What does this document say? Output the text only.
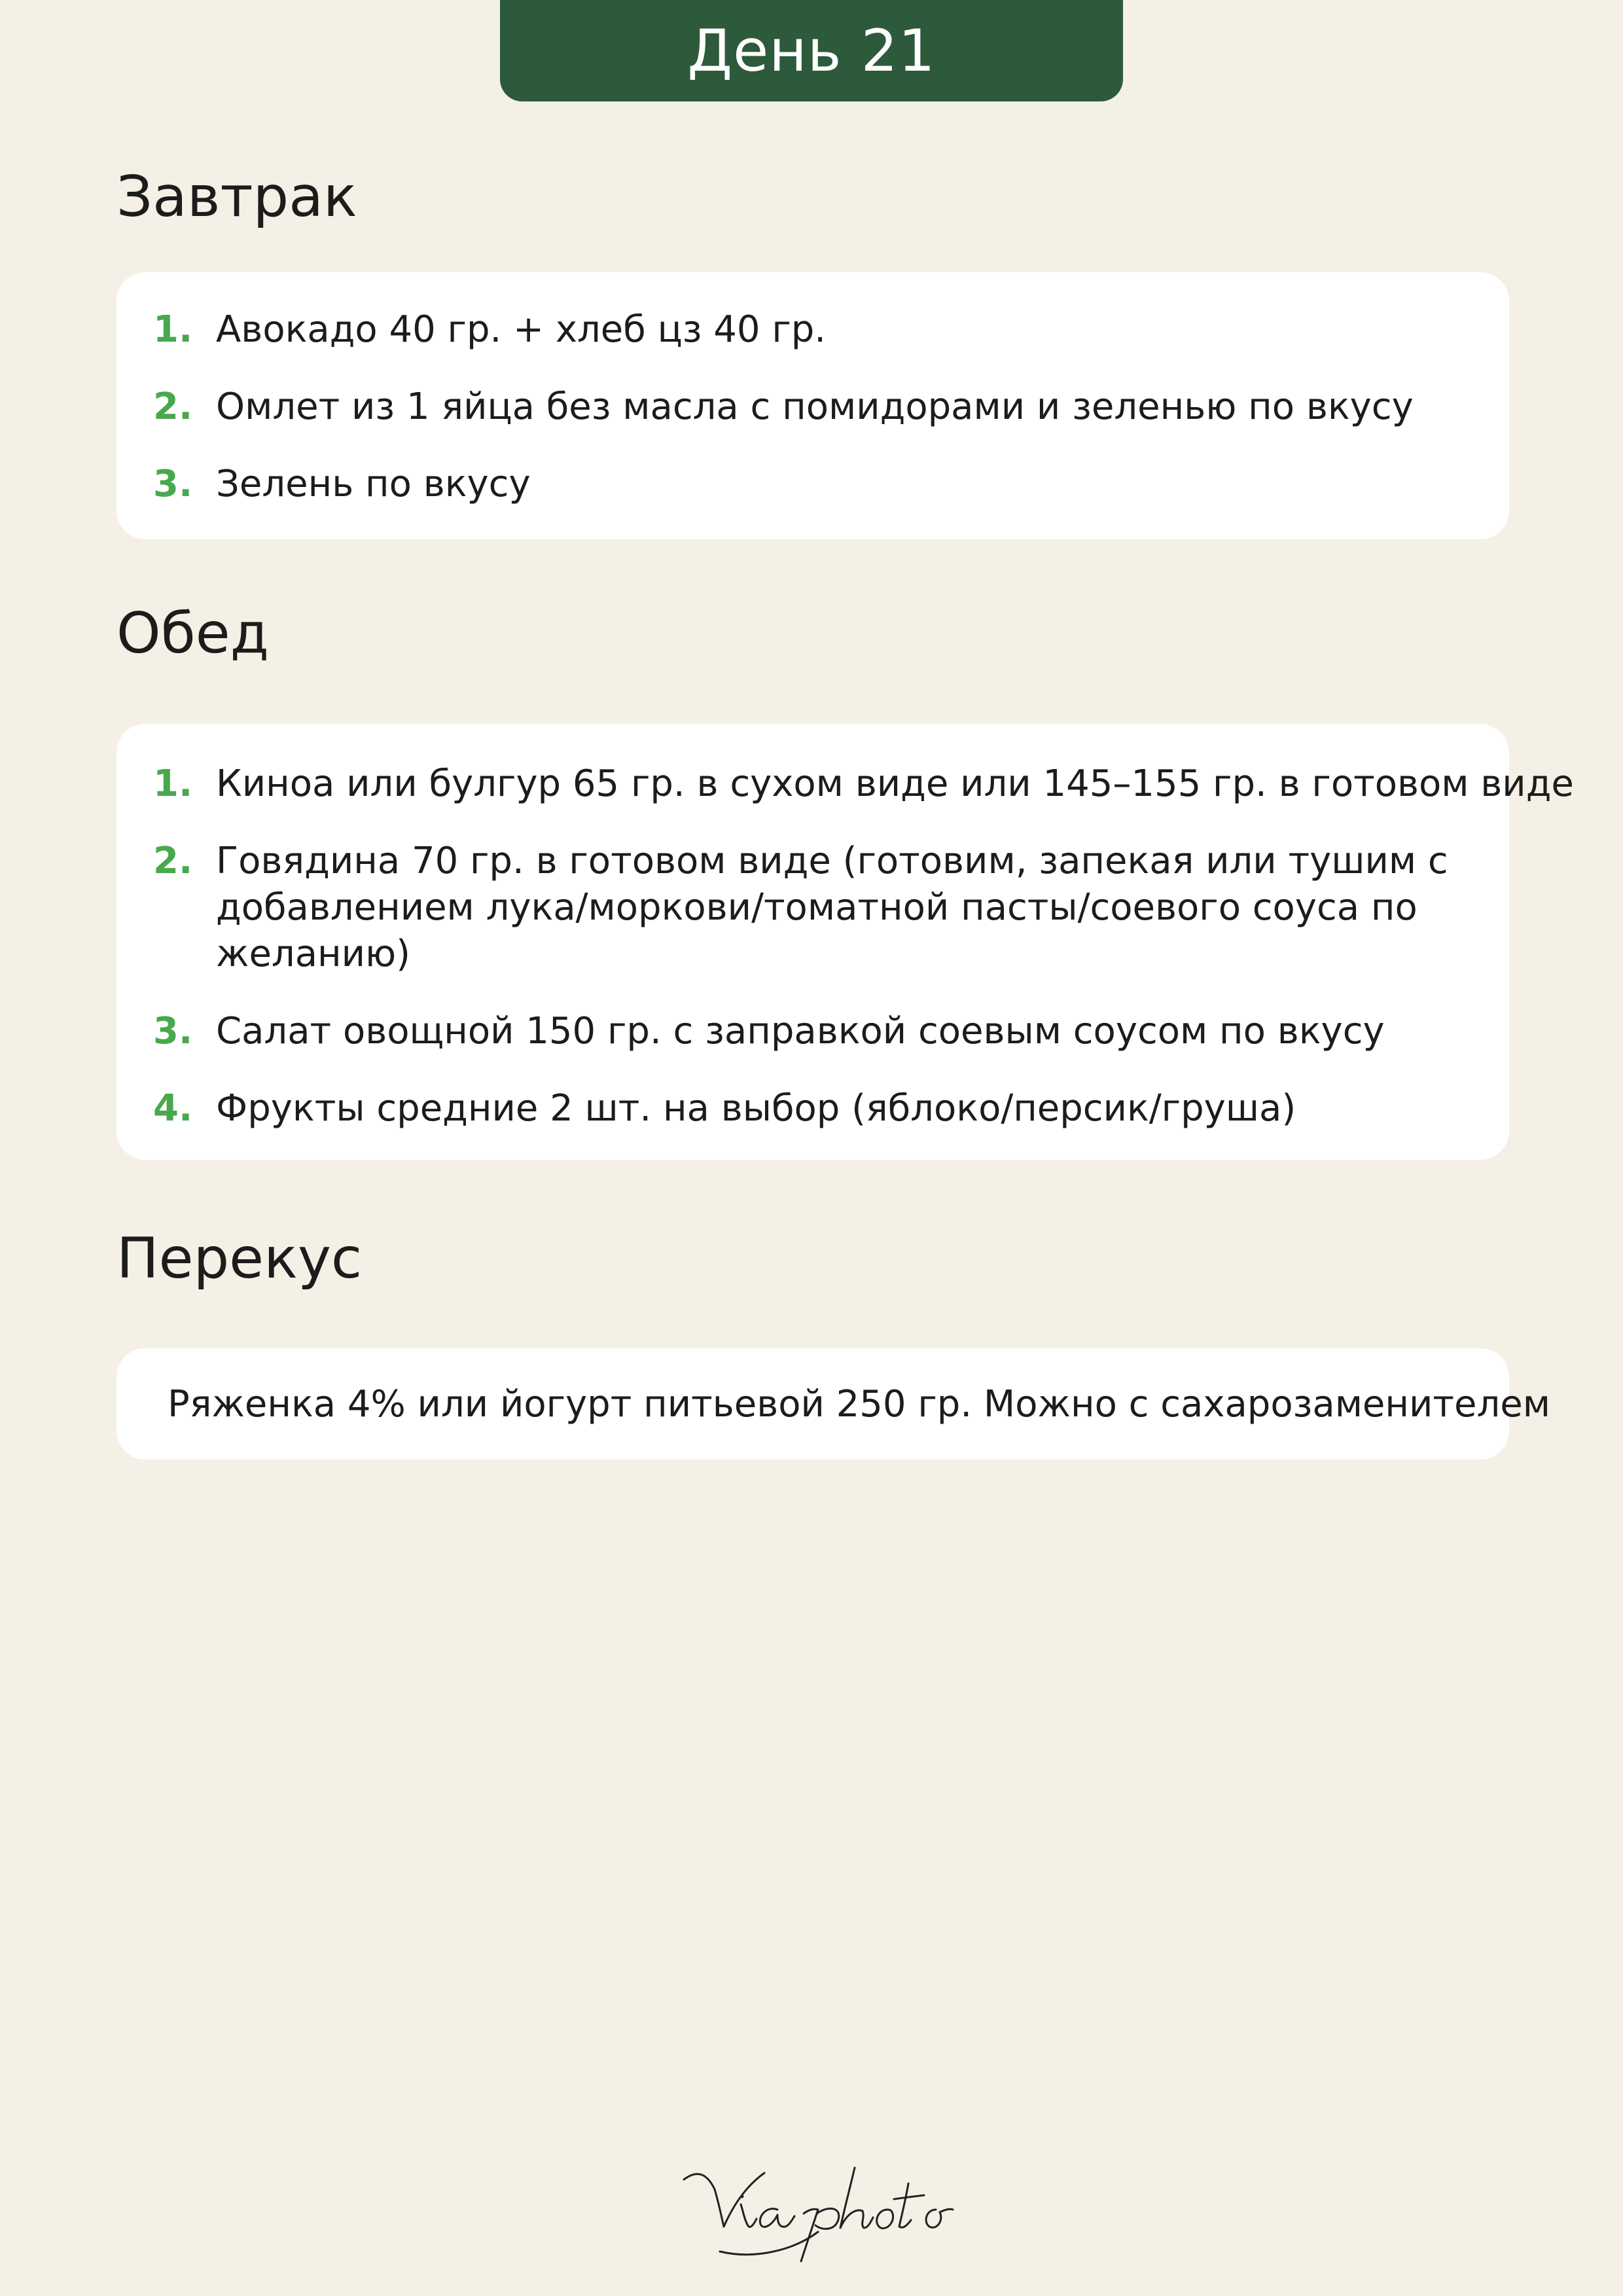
День 21
Завтрак
1. Авокадо 40 гр. + хлеб цз 40 гр.
2. Омлет из 1 яйца без масла с помидорами и зеленью по вкусу
3. Зелень по вкусу
Обед
1. Киноа или булгур 65 гр. в сухом виде или 145–155 гр. в готовом виде
2. Говядина 70 гр. в готовом виде (готовим, запекая или тушим с добавлением лука/моркови/томатной пасты/соевого соуса по желанию)
3. Салат овощной 150 гр. с заправкой соевым соусом по вкусу
4. Фрукты средние 2 шт. на выбор (яблоко/персик/груша)
Перекус
Ряженка 4% или йогурт питьевой 250 гр. Можно с сахарозаменителем
